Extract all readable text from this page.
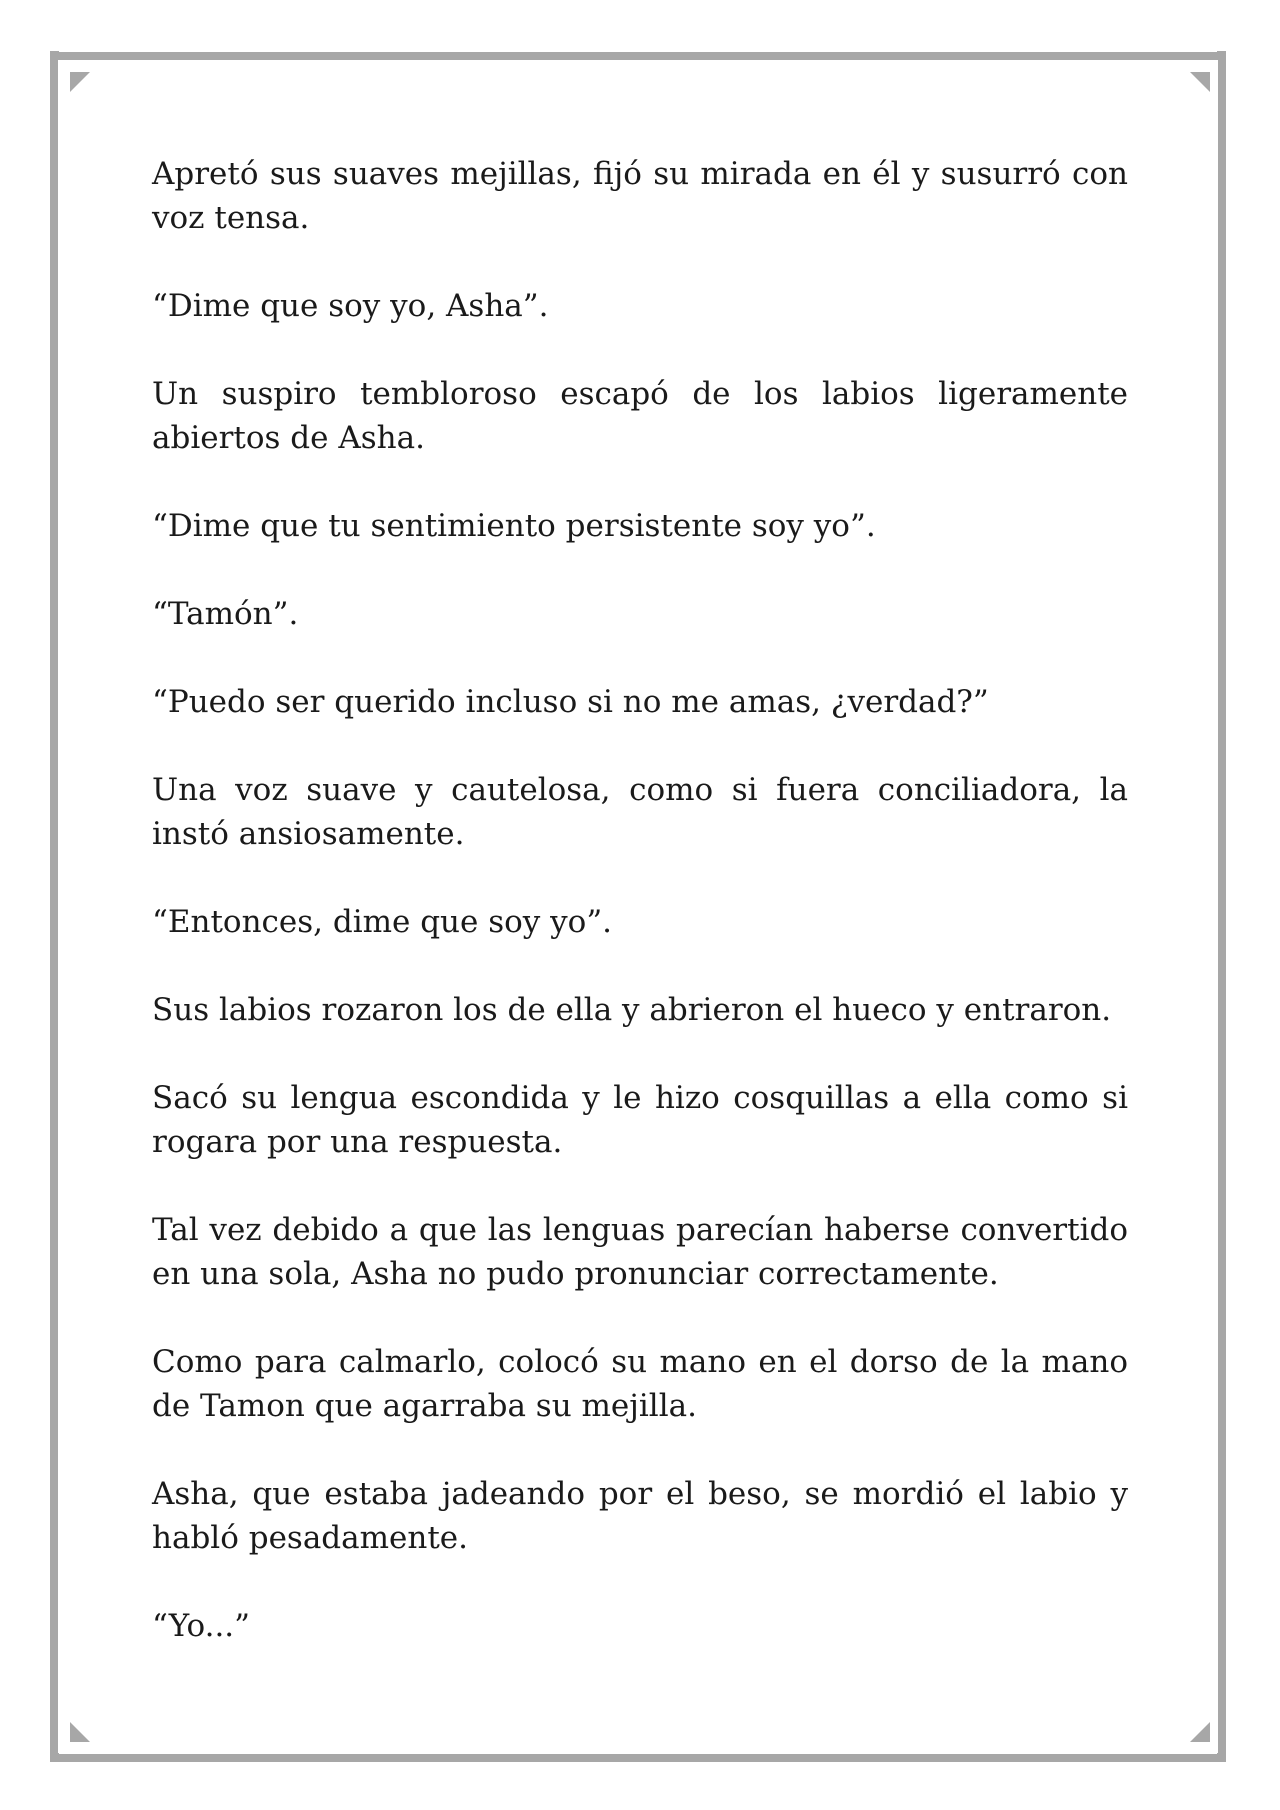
Apretó sus suaves mejillas, fijó su mirada en él y susurró con voz tensa.

“Dime que soy yo, Asha”.

Un suspiro tembloroso escapó de los labios ligeramente abiertos de Asha.

“Dime que tu sentimiento persistente soy yo”.

“Tamón”.

“Puedo ser querido incluso si no me amas, ¿verdad?”

Una voz suave y cautelosa, como si fuera conciliadora, la instó ansiosamente.

“Entonces, dime que soy yo”.

Sus labios rozaron los de ella y abrieron el hueco y entraron.

Sacó su lengua escondida y le hizo cosquillas a ella como si rogara por una respuesta.

Tal vez debido a que las lenguas parecían haberse convertido en una sola, Asha no pudo pronunciar correctamente.

Como para calmarlo, colocó su mano en el dorso de la mano de Tamon que agarraba su mejilla.

Asha, que estaba jadeando por el beso, se mordió el labio y habló pesadamente.

“Yo...”
